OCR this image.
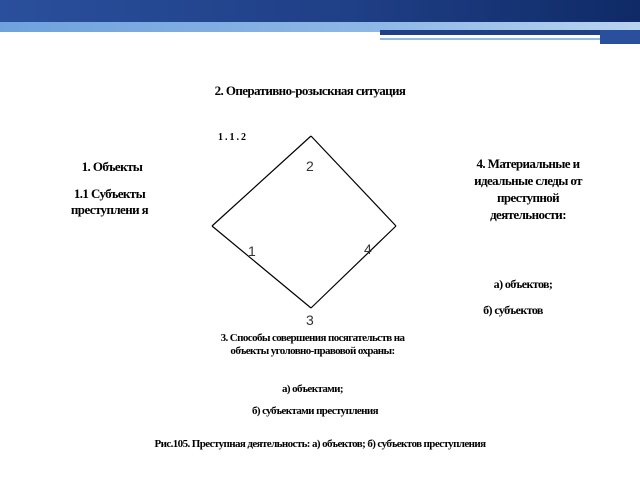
2. Оперативно-розыскная ситуация
1.1.2
2
1	4
3
1. Объекты
1.1 Субъекты преступлени я
4. Материальные и идеальные следы от преступной деятельности:
а) объектов;
б) субъектов
3. Способы совершения посягательств на объекты уголовно-правовой охраны:
а) объектами;
б) субъектами преступления
Рис.105. Преступная деятельность: а) объектов; б) субъектов преступления
